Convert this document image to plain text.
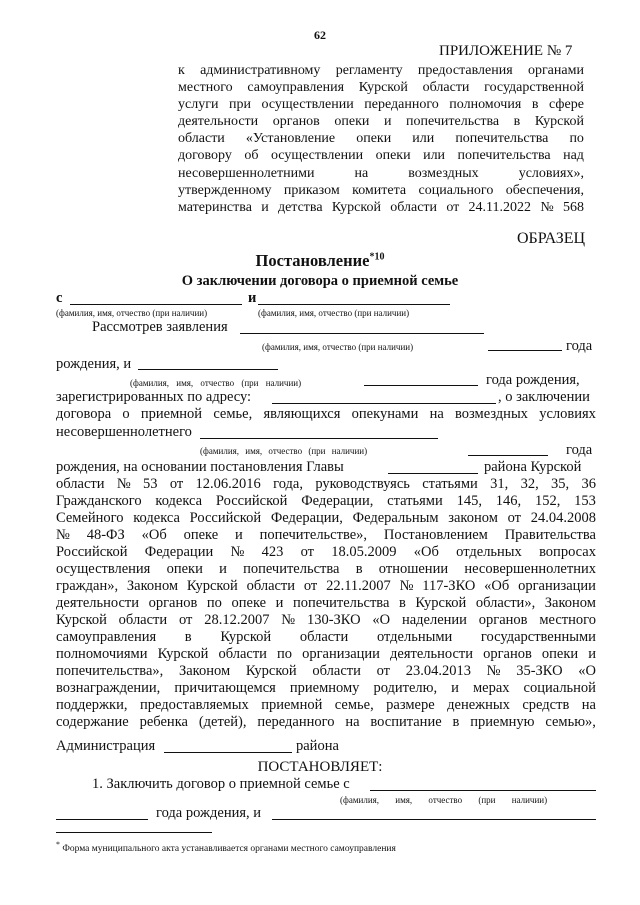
62
ПРИЛОЖЕНИЕ № 7
к административному регламенту предоставления органами
местного самоуправления Курской области государственной
услуги при осуществлении переданного полномочия в сфере
деятельности органов опеки и попечительства в Курской
области «Установление опеки или попечительства по
договору об осуществлении опеки или попечительства над
несовершеннолетними	на	возмездных	условиях»,
утвержденному приказом комитета социального обеспечения,
материнства и детства Курской области от 24.11.2022 № 568
ОБРАЗЕЦ
Постановление$^{*10}$
О заключении договора о приемной семье
с	и
(фамилия, имя, отчество (при наличии)	(фамилия, имя, отчество (при наличии)
Рассмотрев заявления
(фамилия, имя, отчество (при наличии)	года
рождения, и
(фамилия, имя, отчество (при наличии)	года рождения,
зарегистрированных по адресу:	, о заключении
договора о приемной семье, являющихся опекунами на возмездных условиях
несовершеннолетнего
(фамилия, имя, отчество (при наличии)	года
рождения, на основании постановления Главы	района Курской
области № 53 от 12.06.2016 года, руководствуясь статьями 31, 32, 35, 36
Гражданского кодекса Российской Федерации, статьями 145, 146, 152, 153
Семейного кодекса Российской Федерации, Федеральным законом от 24.04.2008
№ 48-ФЗ «Об опеке и попечительстве», Постановлением Правительства
Российской Федерации № 423 от 18.05.2009 «Об отдельных вопросах
осуществления опеки и попечительства в отношении несовершеннолетних
граждан», Законом Курской области от 22.11.2007 № 117-ЗКО «Об организации
деятельности органов по опеке и попечительства в Курской области», Законом
Курской области от 28.12.2007 № 130-ЗКО «О наделении органов местного
самоуправления в Курской области отдельными государственными
полномочиями Курской области по организации деятельности органов опеки и
попечительства», Законом Курской области от 23.04.2013 № 35-ЗКО «О
вознаграждении, причитающемся приемному родителю, и мерах социальной
поддержки, предоставляемых приемной семье, размере денежных средств на
содержание ребенка (детей), переданного на воспитание в приемную семью»,
Администрация	района
ПОСТАНОВЛЯЕТ:
1. Заключить договор о приемной семье с
(фамилия, имя, отчество (при наличии)
года рождения, и
* Форма муниципального акта устанавливается органами местного самоуправления
